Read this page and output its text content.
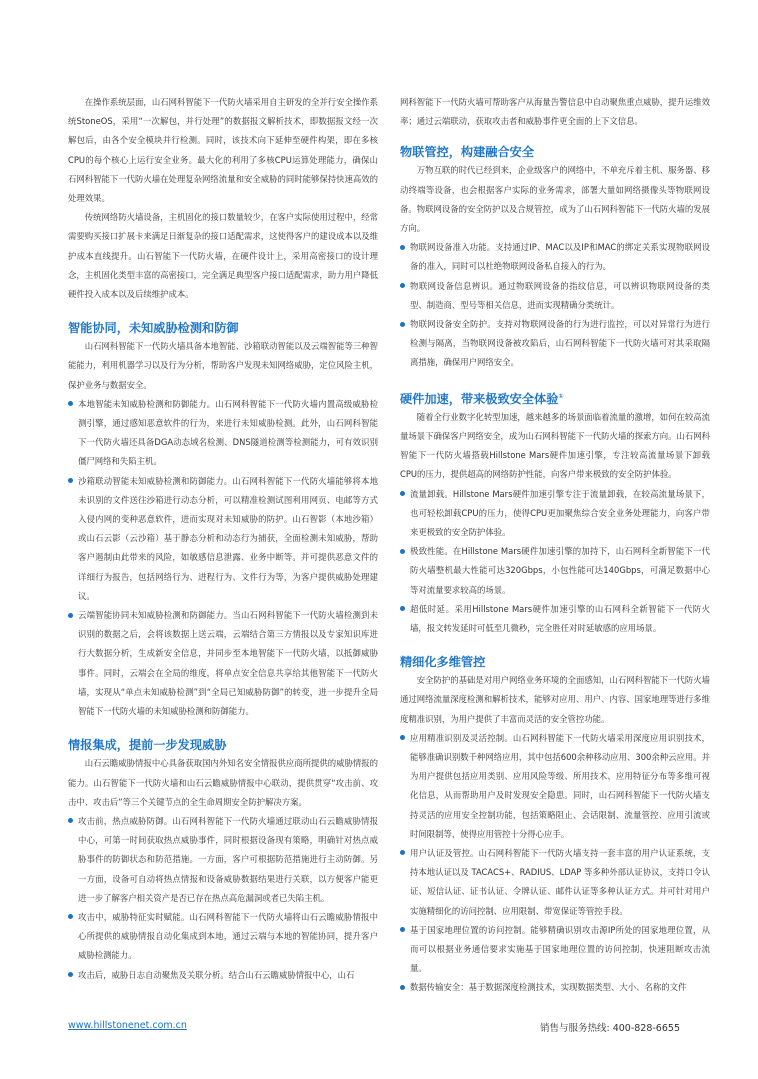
在操作系统层面，山石网科智能下一代防火墙采用自主研发的全并行安全操作系统StoneOS，采用“一次解包，并行处理”的数据报文解析技术，即数据报文经一次解包后，由各个安全模块并行检测。同时，该技术向下延伸至硬件构架，即在多核CPU的每个核心上运行安全业务。最大化的利用了多核CPU运算处理能力，确保山石网科智能下一代防火墙在处理复杂网络流量和安全威胁的同时能够保持快速高效的处理效果。

传统网络防火墙设备，主机固化的接口数量较少，在客户实际使用过程中，经常需要购买接口扩展卡来满足日渐复杂的接口适配需求，这使得客户的建设成本以及维护成本直线提升。山石智能下一代防火墙，在硬件设计上，采用高密接口的设计理念，主机固化类型丰富的高密接口，完全满足典型客户接口适配需求，助力用户降低硬件投入成本以及后续维护成本。

智能协同，未知威胁检测和防御

山石网科智能下一代防火墙具备本地智能、沙箱联动智能以及云端智能等三种智能能力，利用机器学习以及行为分析，帮助客户发现未知网络威胁，定位风险主机，保护业务与数据安全。

本地智能未知威胁检测和防御能力。山石网科智能下一代防火墙内置高级威胁检测引擎，通过感知恶意软件的行为，来进行未知威胁检测。此外，山石网科智能下一代防火墙还具备DGA动态域名检测、DNS隧道检测等检测能力，可有效识别僵尸网络和失陷主机。
沙箱联动智能未知威胁检测和防御能力。山石网科智能下一代防火墙能够将本地未识别的文件送往沙箱进行动态分析，可以精准检测试图利用网页、电邮等方式入侵内网的变种恶意软件，进而实现对未知威胁的防护。山石智影（本地沙箱）或山石云影（云沙箱）基于静态分析和动态行为捕获，全面检测未知威胁，帮助客户遏制由此带来的风险，如敏感信息泄露、业务中断等。并可提供恶意文件的详细行为报告，包括网络行为、进程行为、文件行为等，为客户提供威胁处理建议。
云端智能协同未知威胁检测和防御能力。当山石网科智能下一代防火墙检测到未识别的数据之后，会将该数据上送云端，云端结合第三方情报以及专家知识库进行大数据分析，生成新安全信息，并同步至本地智能下一代防火墙，以抵御威胁事件。同时，云端会在全局的维度，将单点安全信息共享给其他智能下一代防火墙，实现从“单点未知威胁检测”到“全局已知威胁防御”的转变，进一步提升全局智能下一代防火墙的未知威胁检测和防御能力。
情报集成，提前一步发现威胁

山石云瞻威胁情报中心具备获取国内外知名安全情报供应商所提供的威胁情报的能力。山石智能下一代防火墙和山石云瞻威胁情报中心联动，提供贯穿“攻击前、攻击中、攻击后”等三个关键节点的全生命周期安全防护解决方案。

攻击前，热点威胁防御。山石网科智能下一代防火墙通过联动山石云瞻威胁情报中心，可第一时间获取热点威胁事件，同时根据设备现有策略，明确针对热点威胁事件的防御状态和防范措施。一方面，客户可根据防范措施进行主动防御。另一方面，设备可自动将热点情报和设备威胁数据结果进行关联，以方便客户能更进一步了解客户相关资产是否已存在热点高危漏洞或者已失陷主机。
攻击中，威胁特征实时赋能。山石网科智能下一代防火墙将山石云瞻威胁情报中心所提供的威胁情报自动化集成到本地，通过云端与本地的智能协同，提升客户威胁检测能力。
攻击后，威胁日志自动聚焦及关联分析。结合山石云瞻威胁情报中心，山石

网科智能下一代防火墙可帮助客户从海量告警信息中自动聚焦重点威胁，提升运维效率；通过云端联动，获取攻击者和威胁事件更全面的上下文信息。

物联管控，构建融合安全

万物互联的时代已经到来，企业级客户的网络中，不单充斥着主机、服务器、移动终端等设备，也会根据客户实际的业务需求，部署大量如网络摄像头等物联网设备。物联网设备的安全防护以及合规管控，成为了山石网科智能下一代防火墙的发展方向。

物联网设备准入功能。支持通过IP、MAC以及IP和MAC的绑定关系实现物联网设备的准入，同时可以杜绝物联网设备私自接入的行为。
物联网设备信息辨识。通过物联网设备的指纹信息，可以辨识物联网设备的类型、制造商、型号等相关信息，进而实现精确分类统计。
物联网设备安全防护。支持对物联网设备的行为进行监控，可以对异常行为进行检测与隔离，当物联网设备被攻陷后，山石网科智能下一代防火墙可对其采取隔离措施，确保用户网络安全。
硬件加速，带来极致安全体验①

随着全行业数字化转型加速，越来越多的场景面临着流量的激增，如何在较高流量场景下确保客户网络安全，成为山石网科智能下一代防火墙的探索方向。山石网科智能下一代防火墙搭载Hillstone Mars硬件加速引擎，专注较高流量场景下卸载CPU的压力，提供超高的网络防护性能，向客户带来极致的安全防护体验。

流量卸载。Hillstone Mars硬件加速引擎专注于流量卸载，在较高流量场景下，也可轻松卸载CPU的压力，使得CPU更加聚焦综合安全业务处理能力，向客户带来更极致的安全防护体验。
极致性能。在Hillstone Mars硬件加速引擎的加持下，山石网科全新智能下一代防火墙整机最大性能可达320Gbps，小包性能可达140Gbps，可满足数据中心等对流量要求较高的场景。
超低时延。采用Hillstone Mars硬件加速引擎的山石网科全新智能下一代防火墙，报文转发延时可低至几微秒，完全胜任对时延敏感的应用场景。
精细化多维管控

安全防护的基础是对用户网络业务环境的全面感知，山石网科智能下一代防火墙通过网络流量深度检测和解析技术，能够对应用、用户、内容、国家地理等进行多维度精准识别，为用户提供了丰富而灵活的安全管控功能。

应用精准识别及灵活控制。山石网科智能下一代防火墙采用深度应用识别技术，能够准确识别数千种网络应用，其中包括600余种移动应用、300余种云应用。并为用户提供包括应用类别、应用风险等级、所用技术、应用特征分布等多维可视化信息，从而帮助用户及时发现安全隐患。同时，山石网科智能下一代防火墙支持灵活的应用安全控制功能，包括策略阻止、会话限制、流量管控、应用引流或时间限制等，使得应用管控十分得心应手。
用户认证及管控。山石网科智能下一代防火墙支持一套丰富的用户认证系统，支持本地认证以及 TACACS+、RADIUS、LDAP 等多种外部认证协议，支持口令认证、短信认证、证书认证、令牌认证、邮件认证等多种认证方式。并可针对用户实施精细化的访问控制、应用限制、带宽保证等管控手段。
基于国家地理位置的访问控制。能够精确识别攻击源IP所处的国家地理位置，从而可以根据业务通信要求实施基于国家地理位置的访问控制，快速阻断攻击流量。
数据传输安全：基于数据深度检测技术，实现数据类型、大小、名称的文件
www.hillstonenet.com.cn	销售与服务热线: 400-828-6655
